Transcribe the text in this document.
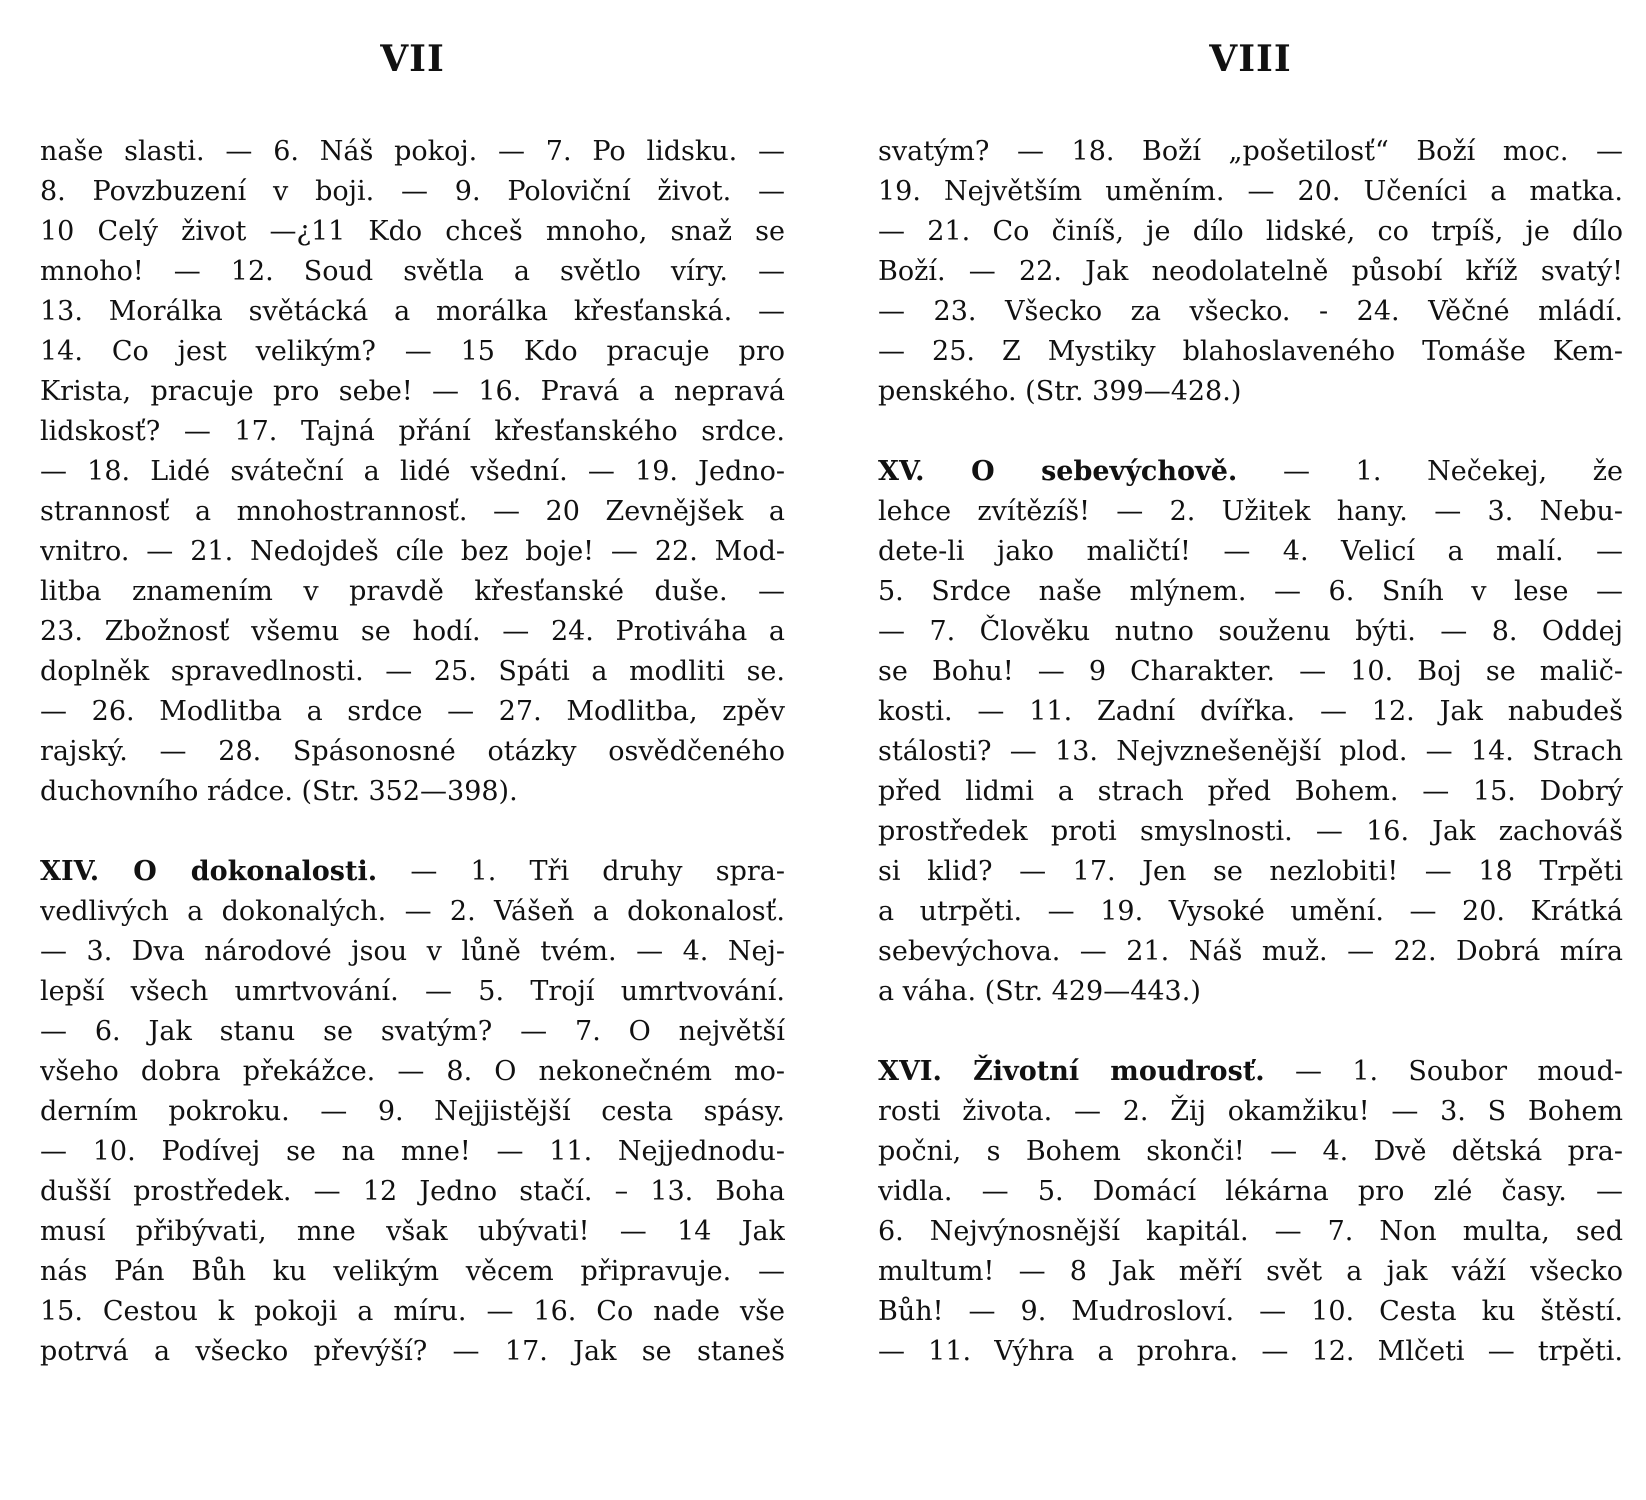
VII
naše slasti. — 6. Náš pokoj. — 7. Po lidsku. —
8. Povzbuzení v boji. — 9. Poloviční život. —
10 Celý život —¿11 Kdo chceš mnoho, snaž se
mnoho! — 12. Soud světla a světlo víry. —
13. Morálka světácká a morálka křesťanská. —
14. Co jest velikým? — 15 Kdo pracuje pro
Krista, pracuje pro sebe! — 16. Pravá a nepravá
lidskosť? — 17. Tajná přání křesťanského srdce.
— 18. Lidé sváteční a lidé všední. — 19. Jedno-
strannosť a mnohostrannosť. — 20 Zevnějšek a
vnitro. — 21. Nedojdeš cíle bez boje! — 22. Mod-
litba znamením v pravdě křesťanské duše. —
23. Zbožnosť všemu se hodí. — 24. Protiváha a
doplněk spravedlnosti. — 25. Spáti a modliti se.
— 26. Modlitba a srdce — 27. Modlitba, zpěv
rajský. — 28. Spásonosné otázky osvědčeného
duchovního rádce. (Str. 352—398).
XIV. O dokonalosti. — 1. Tři druhy spra-
vedlivých a dokonalých. — 2. Vášeň a dokonalosť.
— 3. Dva národové jsou v lůně tvém. — 4. Nej-
lepší všech umrtvování. — 5. Trojí umrtvování.
— 6. Jak stanu se svatým? — 7. O největší
všeho dobra překážce. — 8. O nekonečném mo-
derním pokroku. — 9. Nejjistější cesta spásy.
— 10. Podívej se na mne! — 11. Nejjednodu-
dušší prostředek. — 12 Jedno stačí. – 13. Boha
musí přibývati, mne však ubývati! — 14 Jak
nás Pán Bůh ku velikým věcem připravuje. —
15. Cestou k pokoji a míru. — 16. Co nade vše
potrvá a všecko převýší? — 17. Jak se staneš
VIII
svatým? — 18. Boží „pošetilosť“ Boží moc. —
19. Největším uměním. — 20. Učeníci a matka.
— 21. Co činíš, je dílo lidské, co trpíš, je dílo
Boží. — 22. Jak neodolatelně působí kříž svatý!
— 23. Všecko za všecko. - 24. Věčné mládí.
— 25. Z Mystiky blahoslaveného Tomáše Kem-
penského. (Str. 399—428.)
XV. O sebevýchově. — 1. Nečekej, že
lehce zvítězíš! — 2. Užitek hany. — 3. Nebu-
dete-li jako maličtí! — 4. Velicí a malí. —
5. Srdce naše mlýnem. — 6. Sníh v lese —
— 7. Člověku nutno souženu býti. — 8. Oddej
se Bohu! — 9 Charakter. — 10. Boj se malič-
kosti. — 11. Zadní dvířka. — 12. Jak nabudeš
stálosti? — 13. Nejvznešenější plod. — 14. Strach
před lidmi a strach před Bohem. — 15. Dobrý
prostředek proti smyslnosti. — 16. Jak zachováš
si klid? — 17. Jen se nezlobiti! — 18 Trpěti
a utrpěti. — 19. Vysoké umění. — 20. Krátká
sebevýchova. — 21. Náš muž. — 22. Dobrá míra
a váha. (Str. 429—443.)
XVI. Životní moudrosť. — 1. Soubor moud-
rosti života. — 2. Žij okamžiku! — 3. S Bohem
počni, s Bohem skonči! — 4. Dvě dětská pra-
vidla. — 5. Domácí lékárna pro zlé časy. —
6. Nejvýnosnější kapitál. — 7. Non multa, sed
multum! — 8 Jak měří svět a jak váží všecko
Bůh! — 9. Mudrosloví. — 10. Cesta ku štěstí.
— 11. Výhra a prohra. — 12. Mlčeti — trpěti.
